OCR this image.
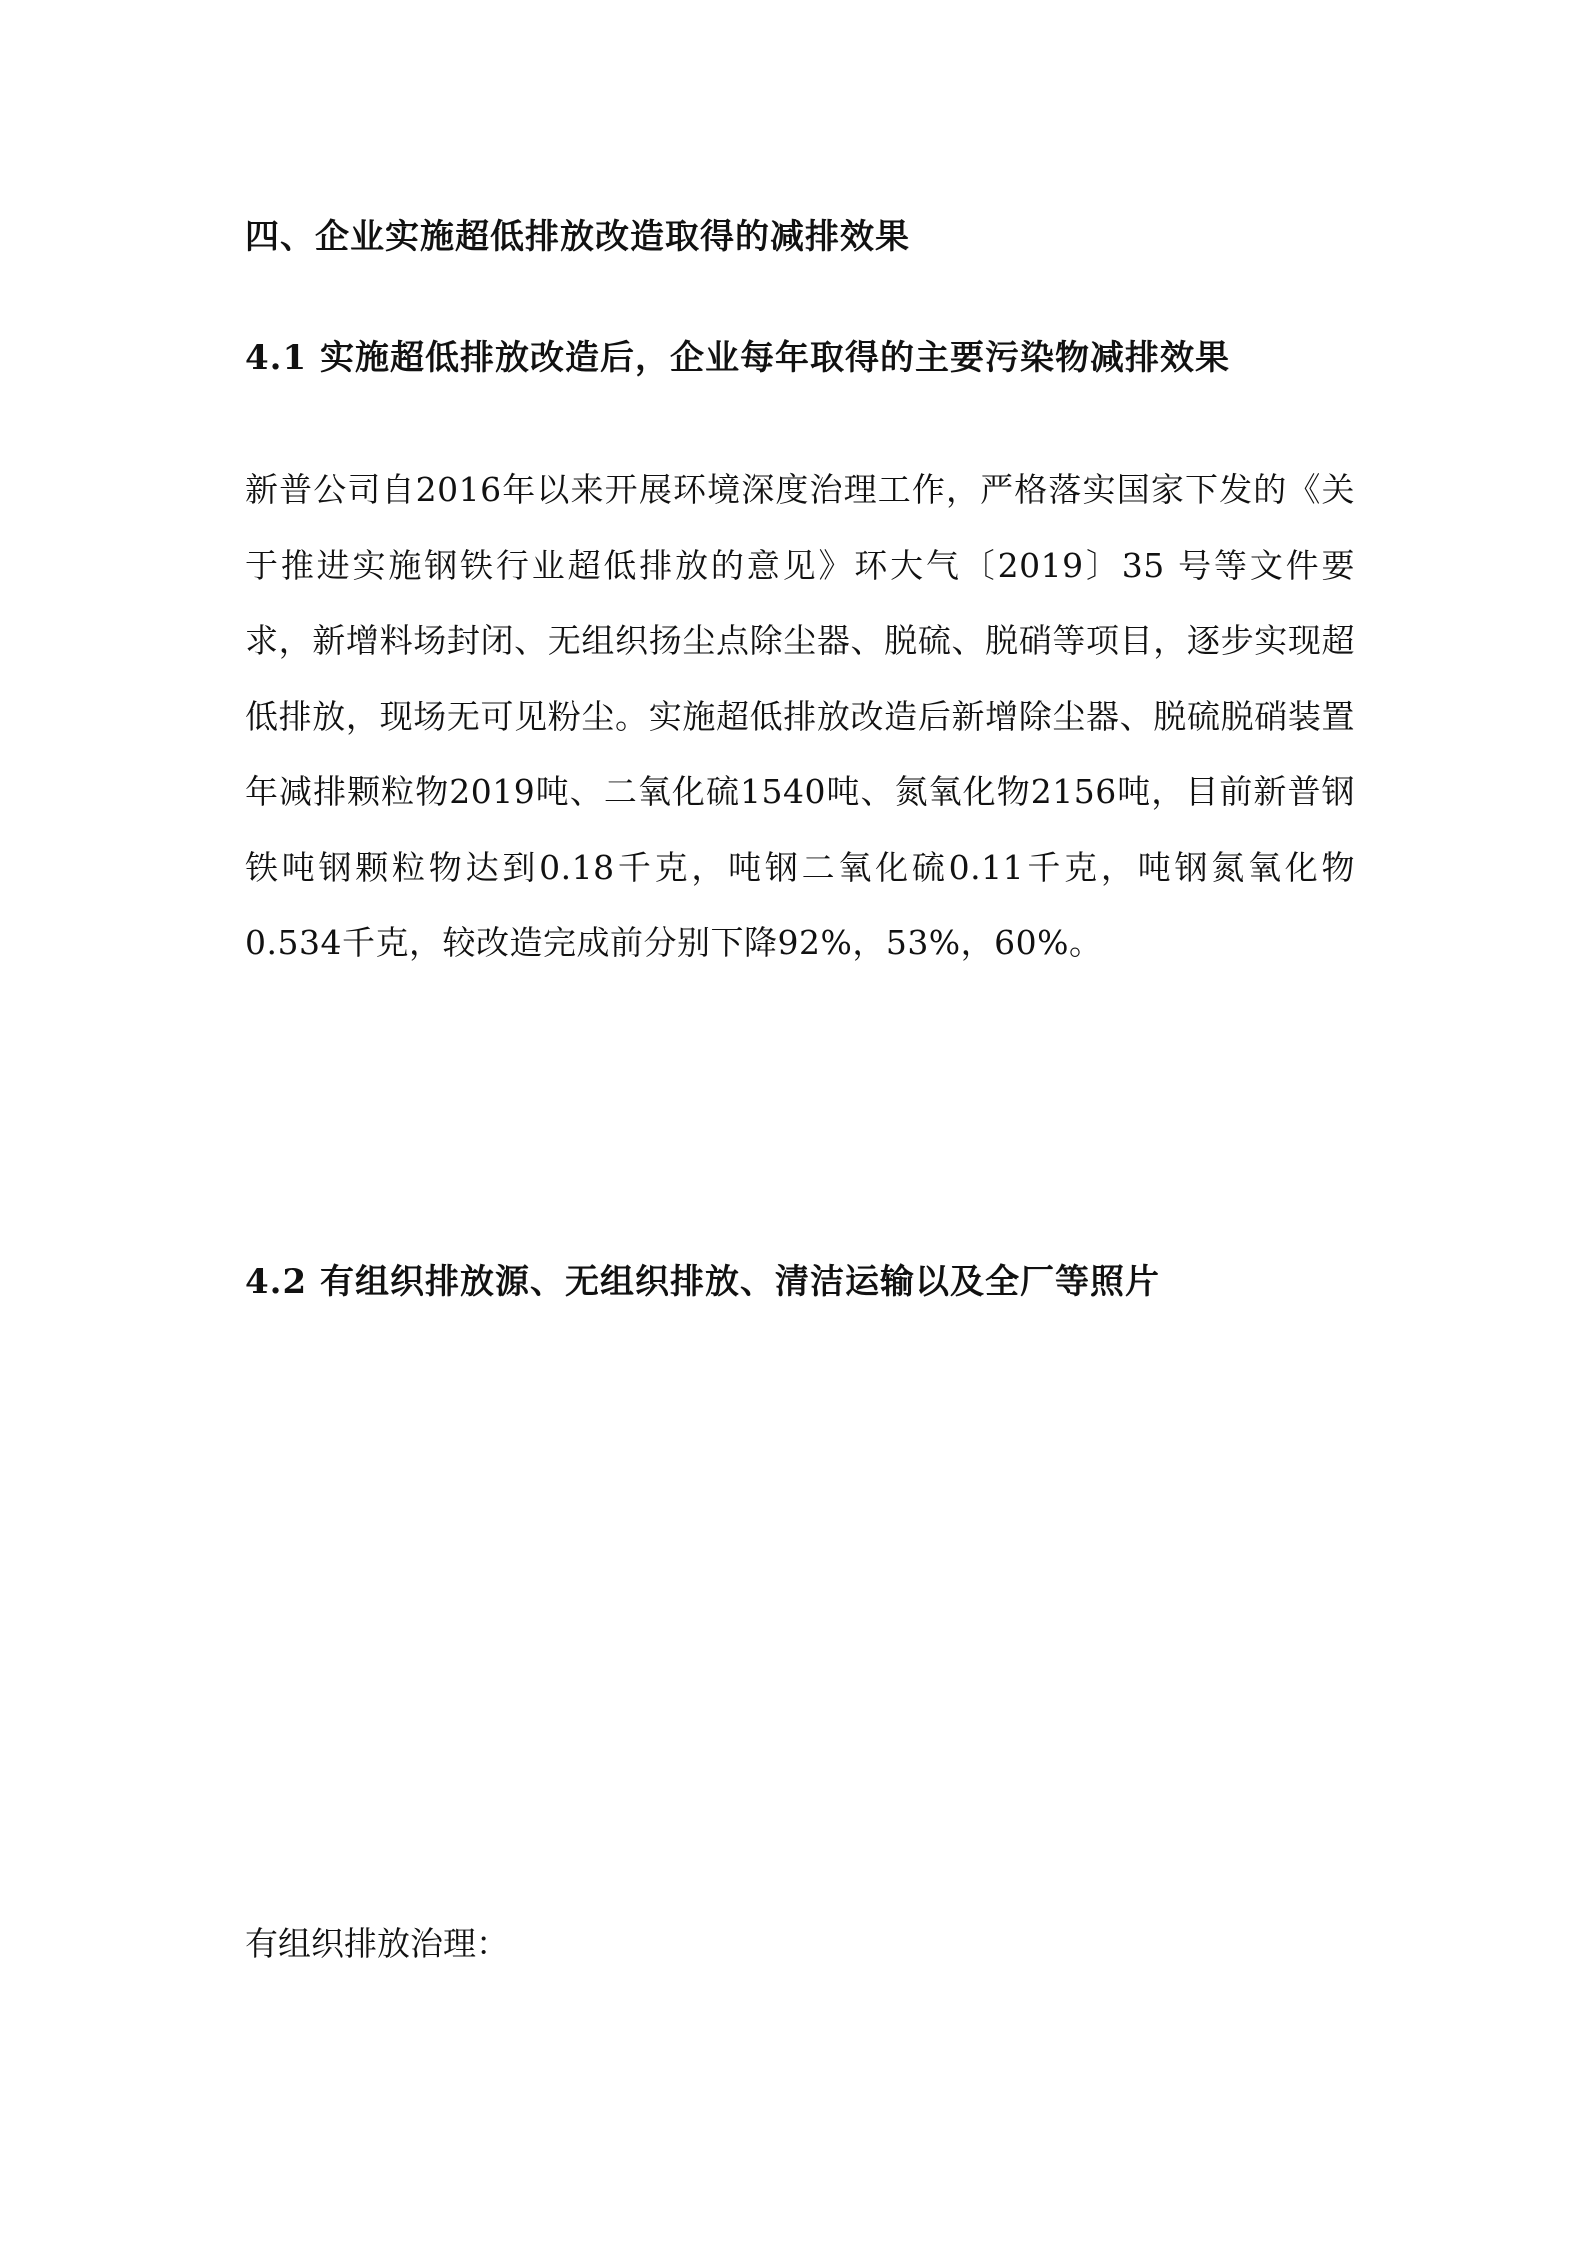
四、企业实施超低排放改造取得的减排效果
4.1 实施超低排放改造后，企业每年取得的主要污染物减排效果
新普公司自2016年以来开展环境深度治理工作，严格落实国家下发的《关于推进实施钢铁行业超低排放的意见》环大气〔2019〕35 号等文件要求，新增料场封闭、无组织扬尘点除尘器、脱硫、脱硝等项目，逐步实现超低排放，现场无可见粉尘。实施超低排放改造后新增除尘器、脱硫脱硝装置年减排颗粒物2019吨、二氧化硫1540吨、氮氧化物2156吨，目前新普钢铁吨钢颗粒物达到0.18千克，吨钢二氧化硫0.11千克，吨钢氮氧化物0.534千克，较改造完成前分别下降92%，53%，60%。
4.2 有组织排放源、无组织排放、清洁运输以及全厂等照片
有组织排放治理：
